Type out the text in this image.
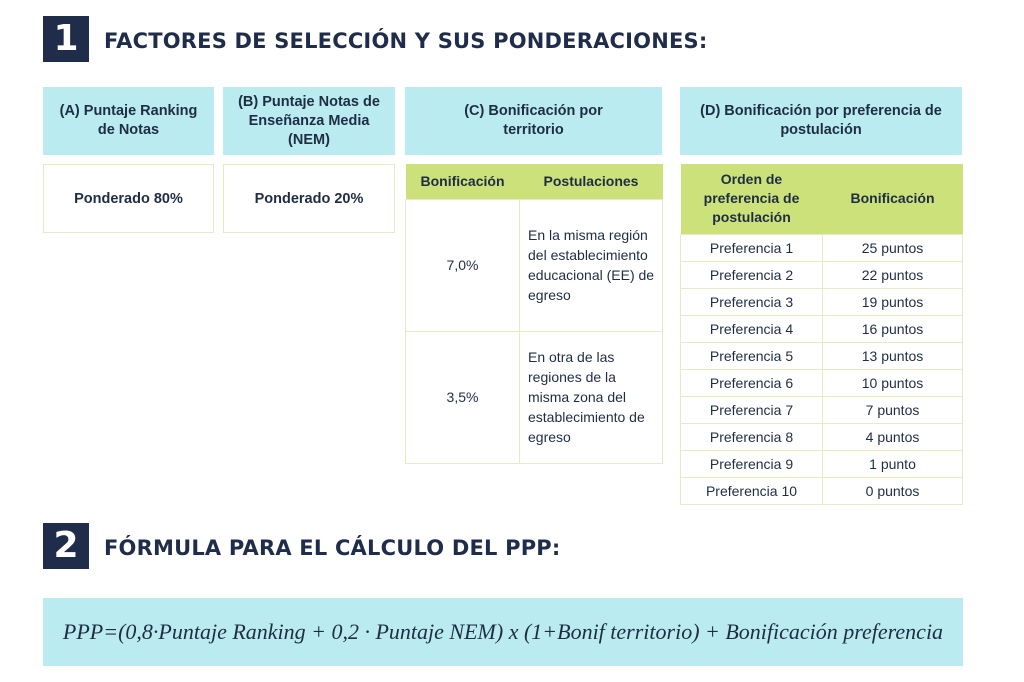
1	FACTORES DE SELECCIÓN Y SUS PONDERACIONES:
(A) Puntaje Ranking de Notas
Ponderado 80%
(B) Puntaje Notas de Enseñanza Media (NEM)
Ponderado 20%
(C) Bonificación por territorio
Bonificación	Postulaciones
7,0%	En la misma región del establecimiento educacional (EE) de egreso
3,5%	En otra de las regiones de la misma zona del establecimiento de egreso
(D) Bonificación por preferencia de postulación
Orden de preferencia de postulación	Bonificación
Preferencia 1	25 puntos
Preferencia 2	22 puntos
Preferencia 3	19 puntos
Preferencia 4	16 puntos
Preferencia 5	13 puntos
Preferencia 6	10 puntos
Preferencia 7	7 puntos
Preferencia 8	4 puntos
Preferencia 9	1 punto
Preferencia 10	0 puntos
2	FÓRMULA PARA EL CÁLCULO DEL PPP:
PPP=(0,8·Puntaje Ranking + 0,2 · Puntaje NEM) x (1+Bonif territorio) + Bonificación preferencia
